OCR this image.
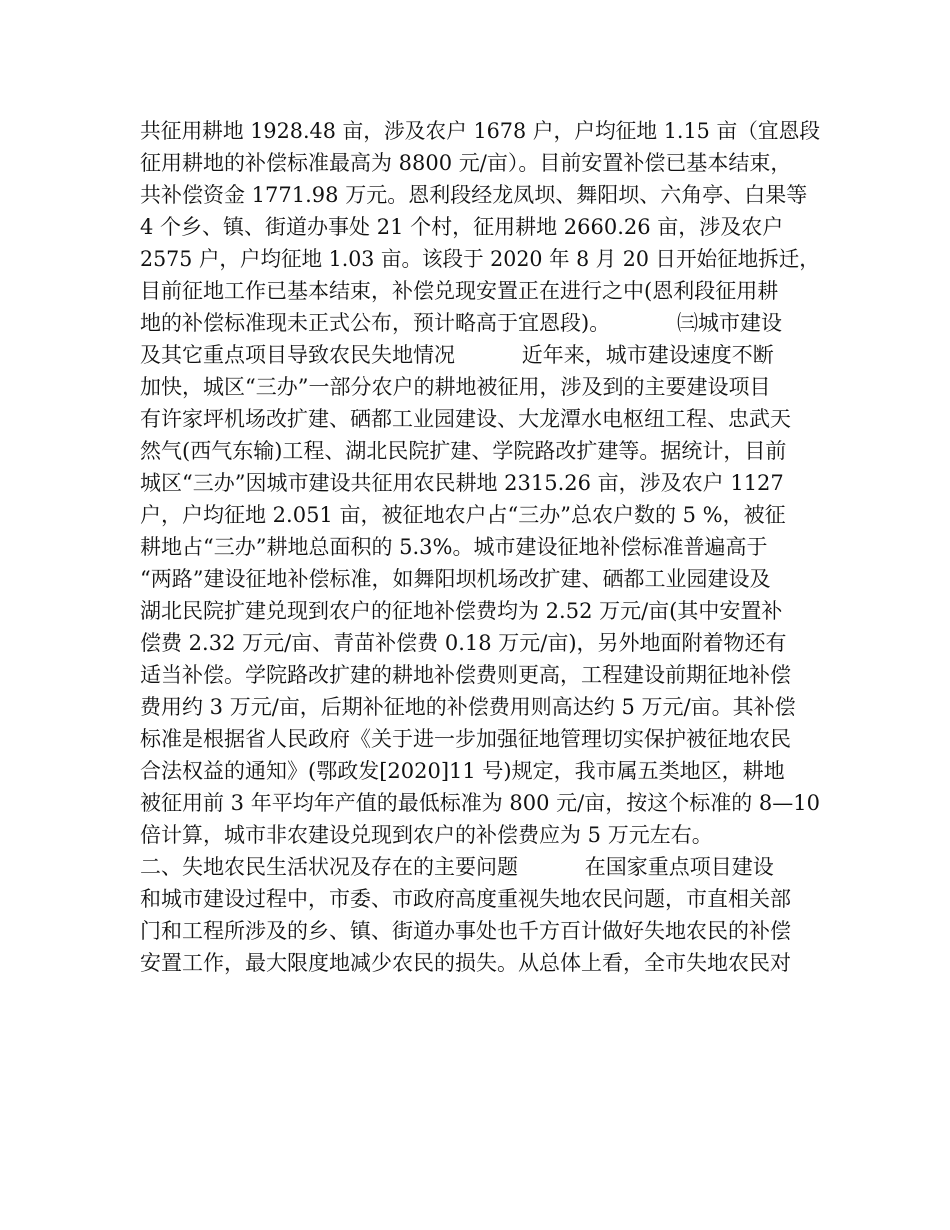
共征用耕地 1928.48 亩，涉及农户 1678 户，户均征地 1.15 亩（宜恩段
征用耕地的补偿标准最高为 8800 元/亩）。目前安置补偿已基本结束，
共补偿资金 1771.98 万元。恩利段经龙凤坝、舞阳坝、六角亭、白果等
4 个乡、镇、街道办事处 21 个村，征用耕地 2660.26 亩，涉及农户
2575 户，户均征地 1.03 亩。该段于 2020 年 8 月 20 日开始征地拆迁，
目前征地工作已基本结束，补偿兑现安置正在进行之中(恩利段征用耕
地的补偿标准现未正式公布，预计略高于宜恩段)。          ㈢城市建设
及其它重点项目导致农民失地情况          近年来，城市建设速度不断
加快，城区“三办”一部分农户的耕地被征用，涉及到的主要建设项目
有许家坪机场改扩建、硒都工业园建设、大龙潭水电枢纽工程、忠武天
然气(西气东输)工程、湖北民院扩建、学院路改扩建等。据统计，目前
城区“三办”因城市建设共征用农民耕地 2315.26 亩，涉及农户 1127
户，户均征地 2.051 亩，被征地农户占“三办”总农户数的 5 %，被征
耕地占“三办”耕地总面积的 5.3%。城市建设征地补偿标准普遍高于
“两路”建设征地补偿标准，如舞阳坝机场改扩建、硒都工业园建设及
湖北民院扩建兑现到农户的征地补偿费均为 2.52 万元/亩(其中安置补
偿费 2.32 万元/亩、青苗补偿费 0.18 万元/亩)，另外地面附着物还有
适当补偿。学院路改扩建的耕地补偿费则更高，工程建设前期征地补偿
费用约 3 万元/亩，后期补征地的补偿费用则高达约 5 万元/亩。其补偿
标准是根据省人民政府《关于进一步加强征地管理切实保护被征地农民
合法权益的通知》(鄂政发[2020]11 号)规定，我市属五类地区，耕地
被征用前 3 年平均年产值的最低标准为 800 元/亩，按这个标准的 8—10
倍计算，城市非农建设兑现到农户的补偿费应为 5 万元左右。
二、失地农民生活状况及存在的主要问题          在国家重点项目建设
和城市建设过程中，市委、市政府高度重视失地农民问题，市直相关部
门和工程所涉及的乡、镇、街道办事处也千方百计做好失地农民的补偿
安置工作，最大限度地减少农民的损失。从总体上看，全市失地农民对
